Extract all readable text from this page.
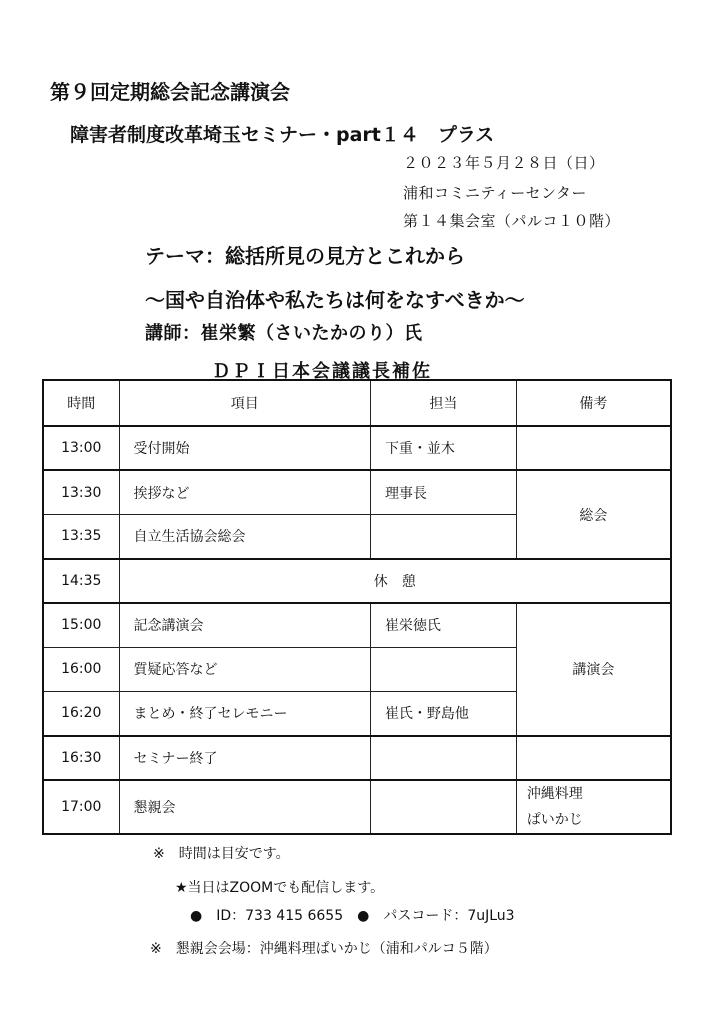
第９回定期総会記念講演会
障害者制度改革埼玉セミナー・part１４　プラス
２０２３年５月２８日（日）
浦和コミニティーセンター
第１４集会室（パルコ１０階）
テーマ：総括所見の見方とこれから
～国や自治体や私たちは何をなすべきか～
講師：崔栄繁（さいたかのり）氏
ＤＰＩ日本会議議長補佐
時間	項目	担当	備考
13:00	受付開始	下重・並木	
13:30	挨拶など	理事長	総会
13:35	自立生活協会総会		
14:35	休　憩		
15:00	記念講演会	崔栄徳氏	講演会
16:00	質疑応答など		
16:20	まとめ・終了セレモニー	崔氏・野島他	
16:30	セミナー終了		
17:00	懇親会		沖縄料理
ぱいかじ
※　時間は目安です。
★当日はZOOMでも配信します。
●　ID：733 415 6655　●　パスコード：7uJLu3
※　懇親会会場：沖縄料理ぱいかじ（浦和パルコ５階）
